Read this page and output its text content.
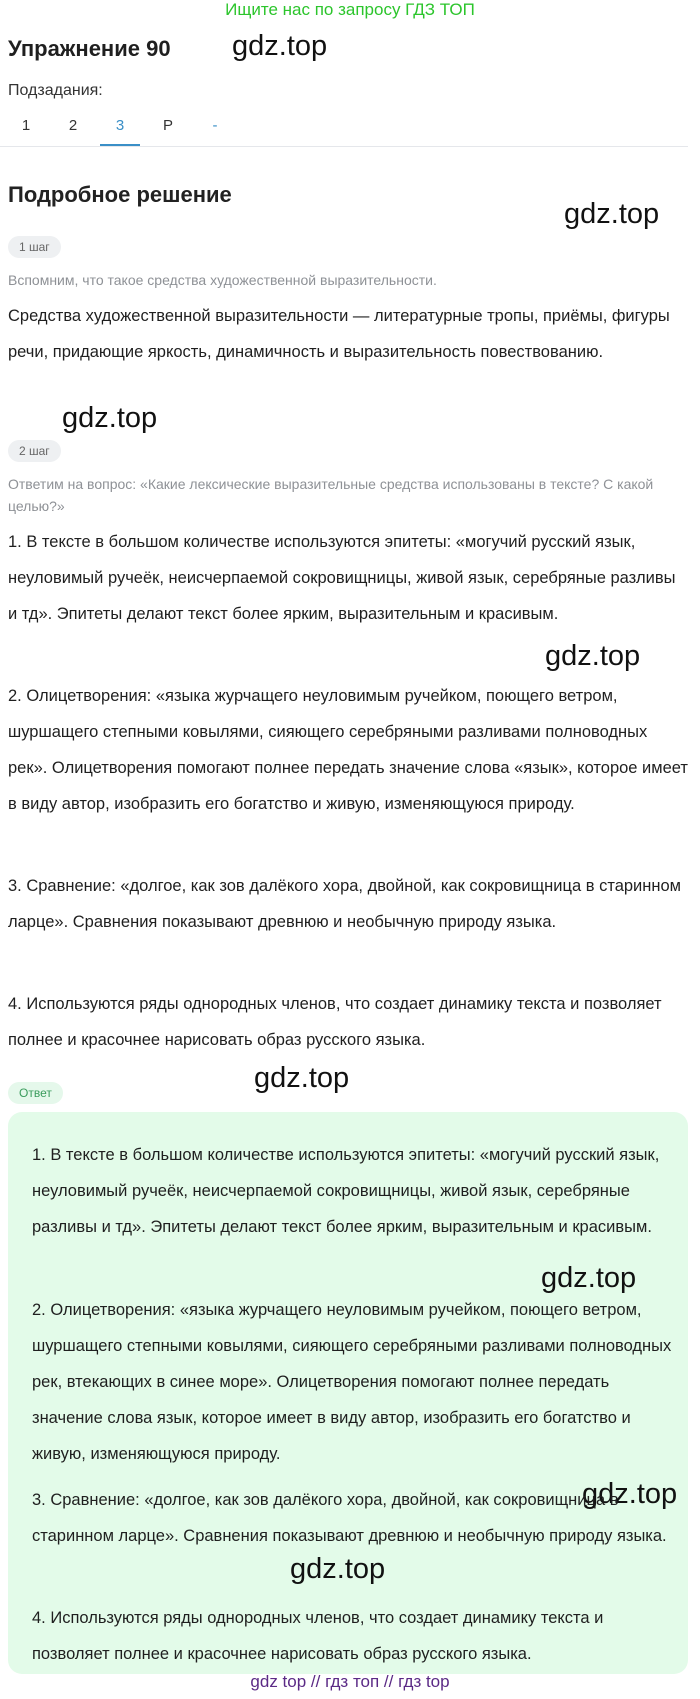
Ищите нас по запросу ГДЗ ТОП
Упражнение 90 gdz.top
Подзадания:
1	2	3	Р	-
Подробное решение
gdz.top
1 шаг
Вспомним, что такое средства художественной выразительности.
Средства художественной выразительности — литературные тропы, приёмы, фигуры речи, придающие яркость, динамичность и выразительность повествованию.
gdz.top
2 шаг
Ответим на вопрос: «Какие лексические выразительные средства использованы в тексте? С какой целью?»
1. В тексте в большом количестве используются эпитеты: «могучий русский язык, неуловимый ручеёк, неисчерпаемой сокровищницы, живой язык, серебряные разливы и тд». Эпитеты делают текст более ярким, выразительным и красивым.
gdz.top
2. Олицетворения: «языка журчащего неуловимым ручейком, поющего ветром, шуршащего степными ковылями, сияющего серебряными разливами полноводных рек». Олицетворения помогают полнее передать значение слова «язык», которое имеет в виду автор, изобразить его богатство и живую, изменяющуюся природу.
3. Сравнение: «долгое, как зов далёкого хора, двойной, как сокровищница в старинном ларце». Сравнения показывают древнюю и необычную природу языка.
4. Используются ряды однородных членов, что создает динамику текста и позволяет полнее и красочнее нарисовать образ русского языка.
Ответ	gdz.top
1. В тексте в большом количестве используются эпитеты: «могучий русский язык, неуловимый ручеёк, неисчерпаемой сокровищницы, живой язык, серебряные разливы и тд». Эпитеты делают текст более ярким, выразительным и красивым.
gdz.top
2. Олицетворения: «языка журчащего неуловимым ручейком, поющего ветром, шуршащего степными ковылями, сияющего серебряными разливами полноводных рек, втекающих в синее море». Олицетворения помогают полнее передать значение слова язык, которое имеет в виду автор, изобразить его богатство и живую, изменяющуюся природу.
gdz.top
3. Сравнение: «долгое, как зов далёкого хора, двойной, как сокровищница в старинном ларце». Сравнения показывают древнюю и необычную природу языка.
gdz.top
4. Используются ряды однородных членов, что создает динамику текста и позволяет полнее и красочнее нарисовать образ русского языка.
gdz top // гдз топ // гдз top
